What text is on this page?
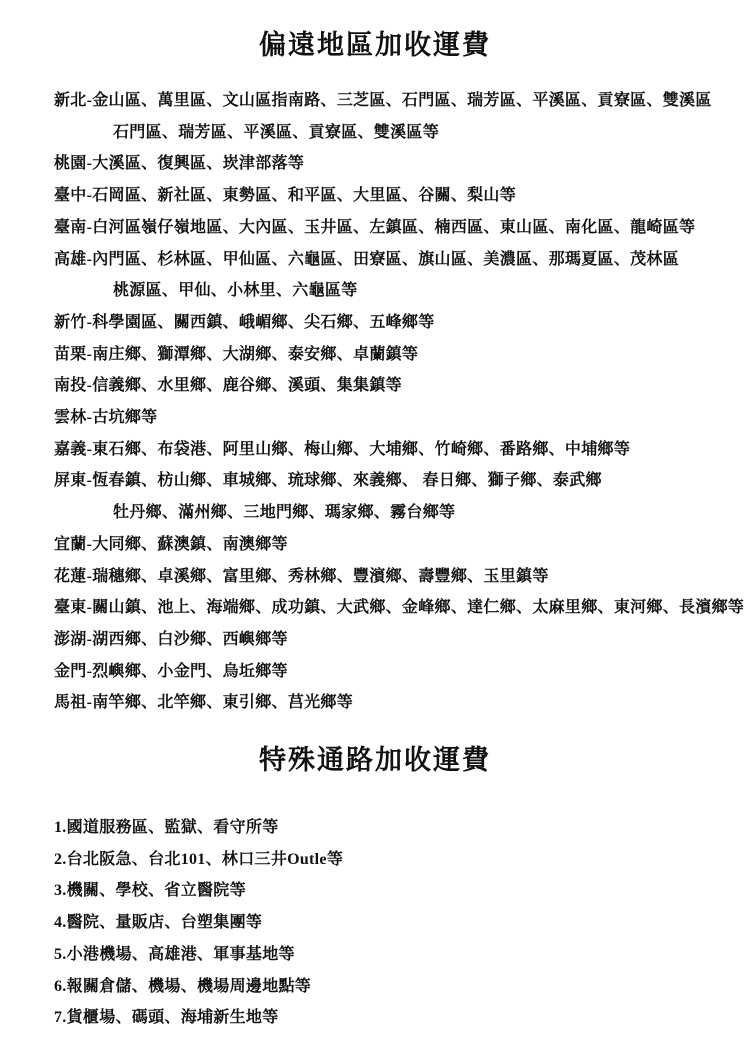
偏遠地區加收運費
新北-金山區、萬里區、文山區指南路、三芝區、石門區、瑞芳區、平溪區、貢寮區、雙溪區
石門區、瑞芳區、平溪區、貢寮區、雙溪區等
桃園-大溪區、復興區、崁津部落等
臺中-石岡區、新社區、東勢區、和平區、大里區、谷關、梨山等
臺南-白河區嶺仔嶺地區、大內區、玉井區、左鎮區、楠西區、東山區、南化區、龍崎區等
高雄-內門區、杉林區、甲仙區、六龜區、田寮區、旗山區、美濃區、那瑪夏區、茂林區
桃源區、甲仙、小林里、六龜區等
新竹-科學園區、關西鎮、峨嵋鄉、尖石鄉、五峰鄉等
苗栗-南庄鄉、獅潭鄉、大湖鄉、泰安鄉、卓蘭鎮等
南投-信義鄉、水里鄉、鹿谷鄉、溪頭、集集鎮等
雲林-古坑鄉等
嘉義-東石鄉、布袋港、阿里山鄉、梅山鄉、大埔鄉、竹崎鄉、番路鄉、中埔鄉等
屏東-恆春鎮、枋山鄉、車城鄉、琉球鄉、來義鄉、 春日鄉、獅子鄉、泰武鄉
牡丹鄉、滿州鄉、三地門鄉、瑪家鄉、霧台鄉等
宜蘭-大同鄉、蘇澳鎮、南澳鄉等
花蓮-瑞穗鄉、卓溪鄉、富里鄉、秀林鄉、豐濱鄉、壽豐鄉、玉里鎮等
臺東-關山鎮、池上、海端鄉、成功鎮、大武鄉、金峰鄉、達仁鄉、太麻里鄉、東河鄉、長濱鄉等
澎湖-湖西鄉、白沙鄉、西嶼鄉等
金門-烈嶼鄉、小金門、烏坵鄉等
馬祖-南竿鄉、北竿鄉、東引鄉、莒光鄉等
特殊通路加收運費
1.國道服務區、監獄、看守所等
2.台北阪急、台北101、林口三井Outle等
3.機關、學校、省立醫院等
4.醫院、量販店、台塑集團等
5.小港機場、高雄港、軍事基地等
6.報關倉儲、機場、機場周邊地點等
7.貨櫃場、碼頭、海埔新生地等
